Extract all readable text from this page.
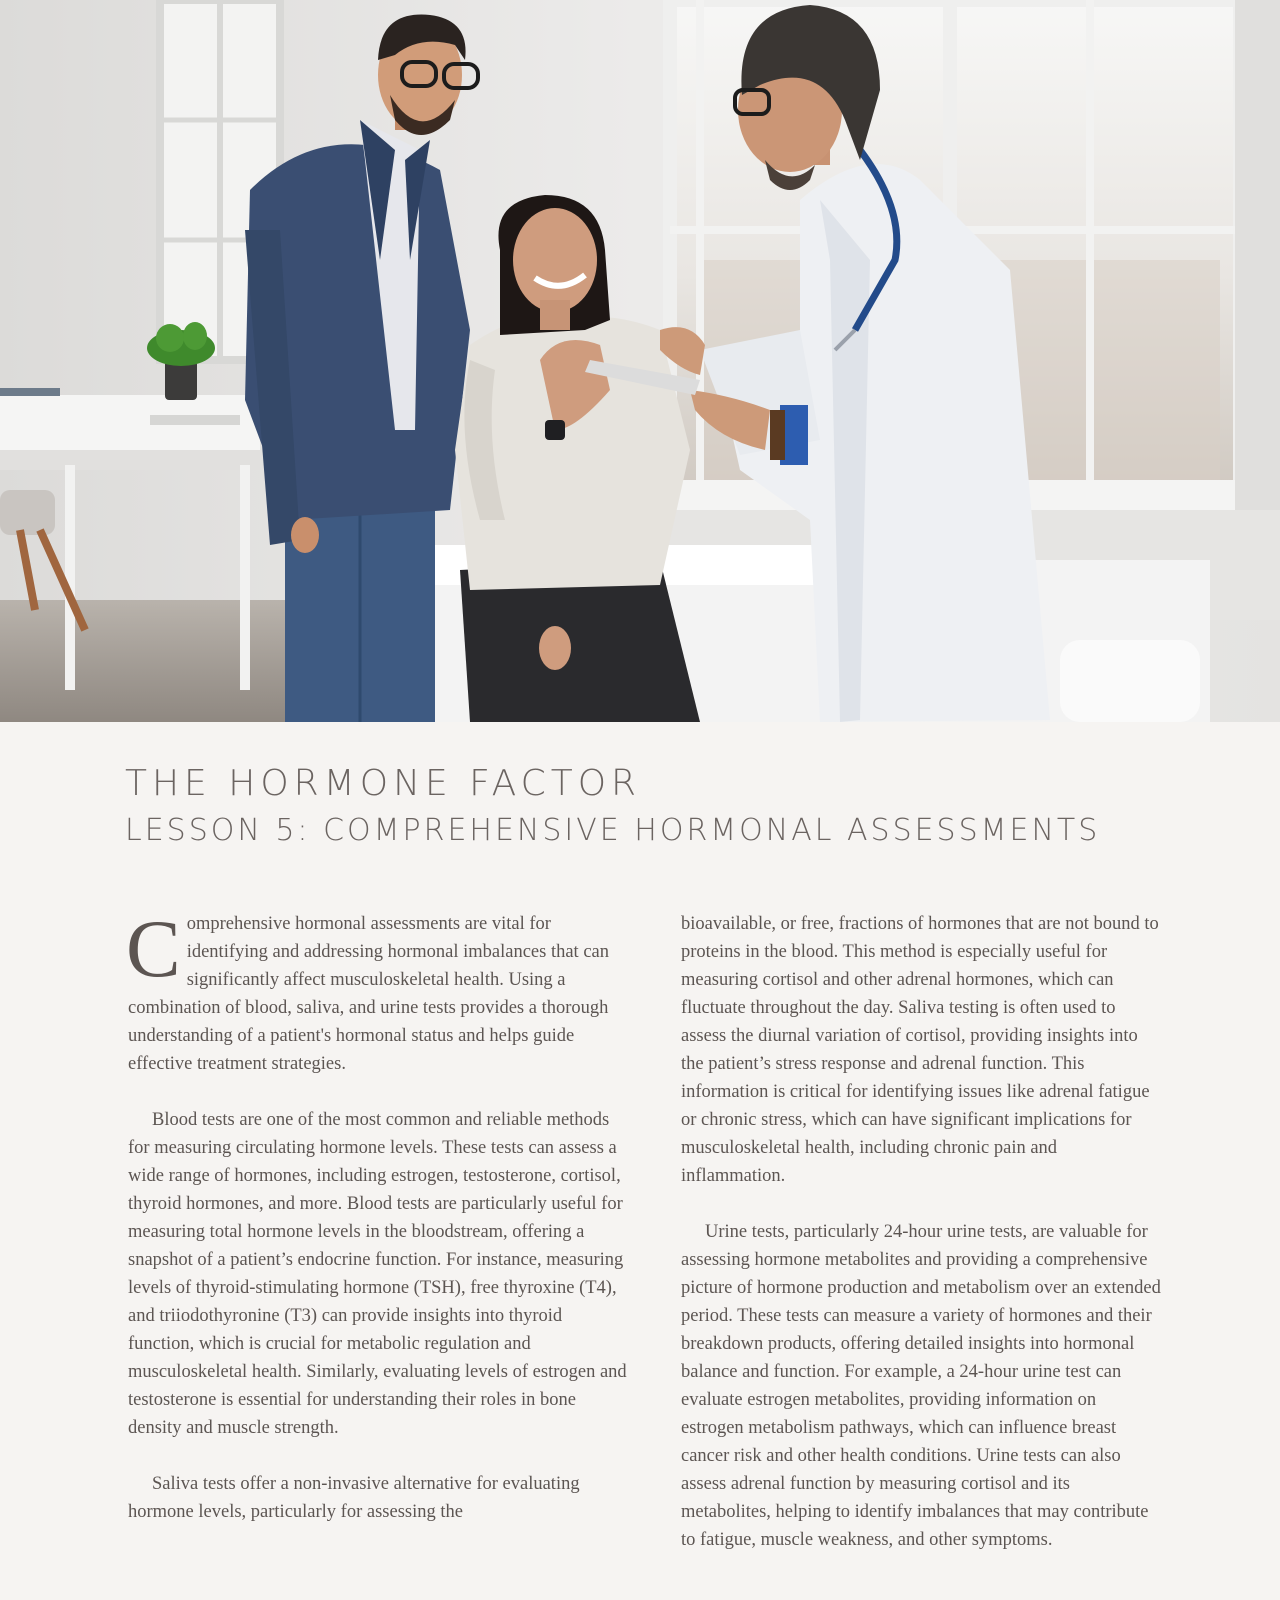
THE HORMONE FACTOR
LESSON 5: COMPREHENSIVE HORMONAL ASSESSMENTS

Comprehensive hormonal assessments are vital for identifying and addressing hormonal imbalances that can significantly affect musculoskeletal health. Using a combination of blood, saliva, and urine tests provides a thorough understanding of a patient's hormonal status and helps guide effective treatment strategies.

Blood tests are one of the most common and reliable methods for measuring circulating hormone levels. These tests can assess a wide range of hormones, including estrogen, testosterone, cortisol, thyroid hormones, and more. Blood tests are particularly useful for measuring total hormone levels in the bloodstream, offering a snapshot of a patient’s endocrine function. For instance, measuring levels of thyroid-stimulating hormone (TSH), free thyroxine (T4), and triiodothyronine (T3) can provide insights into thyroid function, which is crucial for metabolic regulation and musculoskeletal health. Similarly, evaluating levels of estrogen and testosterone is essential for understanding their roles in bone density and muscle strength.

Saliva tests offer a non-invasive alternative for evaluating hormone levels, particularly for assessing the

bioavailable, or free, fractions of hormones that are not bound to proteins in the blood. This method is especially useful for measuring cortisol and other adrenal hormones, which can fluctuate throughout the day. Saliva testing is often used to assess the diurnal variation of cortisol, providing insights into the patient’s stress response and adrenal function. This information is critical for identifying issues like adrenal fatigue or chronic stress, which can have significant implications for musculoskeletal health, including chronic pain and inflammation.

Urine tests, particularly 24-hour urine tests, are valuable for assessing hormone metabolites and providing a comprehensive picture of hormone production and metabolism over an extended period. These tests can measure a variety of hormones and their breakdown products, offering detailed insights into hormonal balance and function. For example, a 24-hour urine test can evaluate estrogen metabolites, providing information on estrogen metabolism pathways, which can influence breast cancer risk and other health conditions. Urine tests can also assess adrenal function by measuring cortisol and its metabolites, helping to identify imbalances that may contribute to fatigue, muscle weakness, and other symptoms.
